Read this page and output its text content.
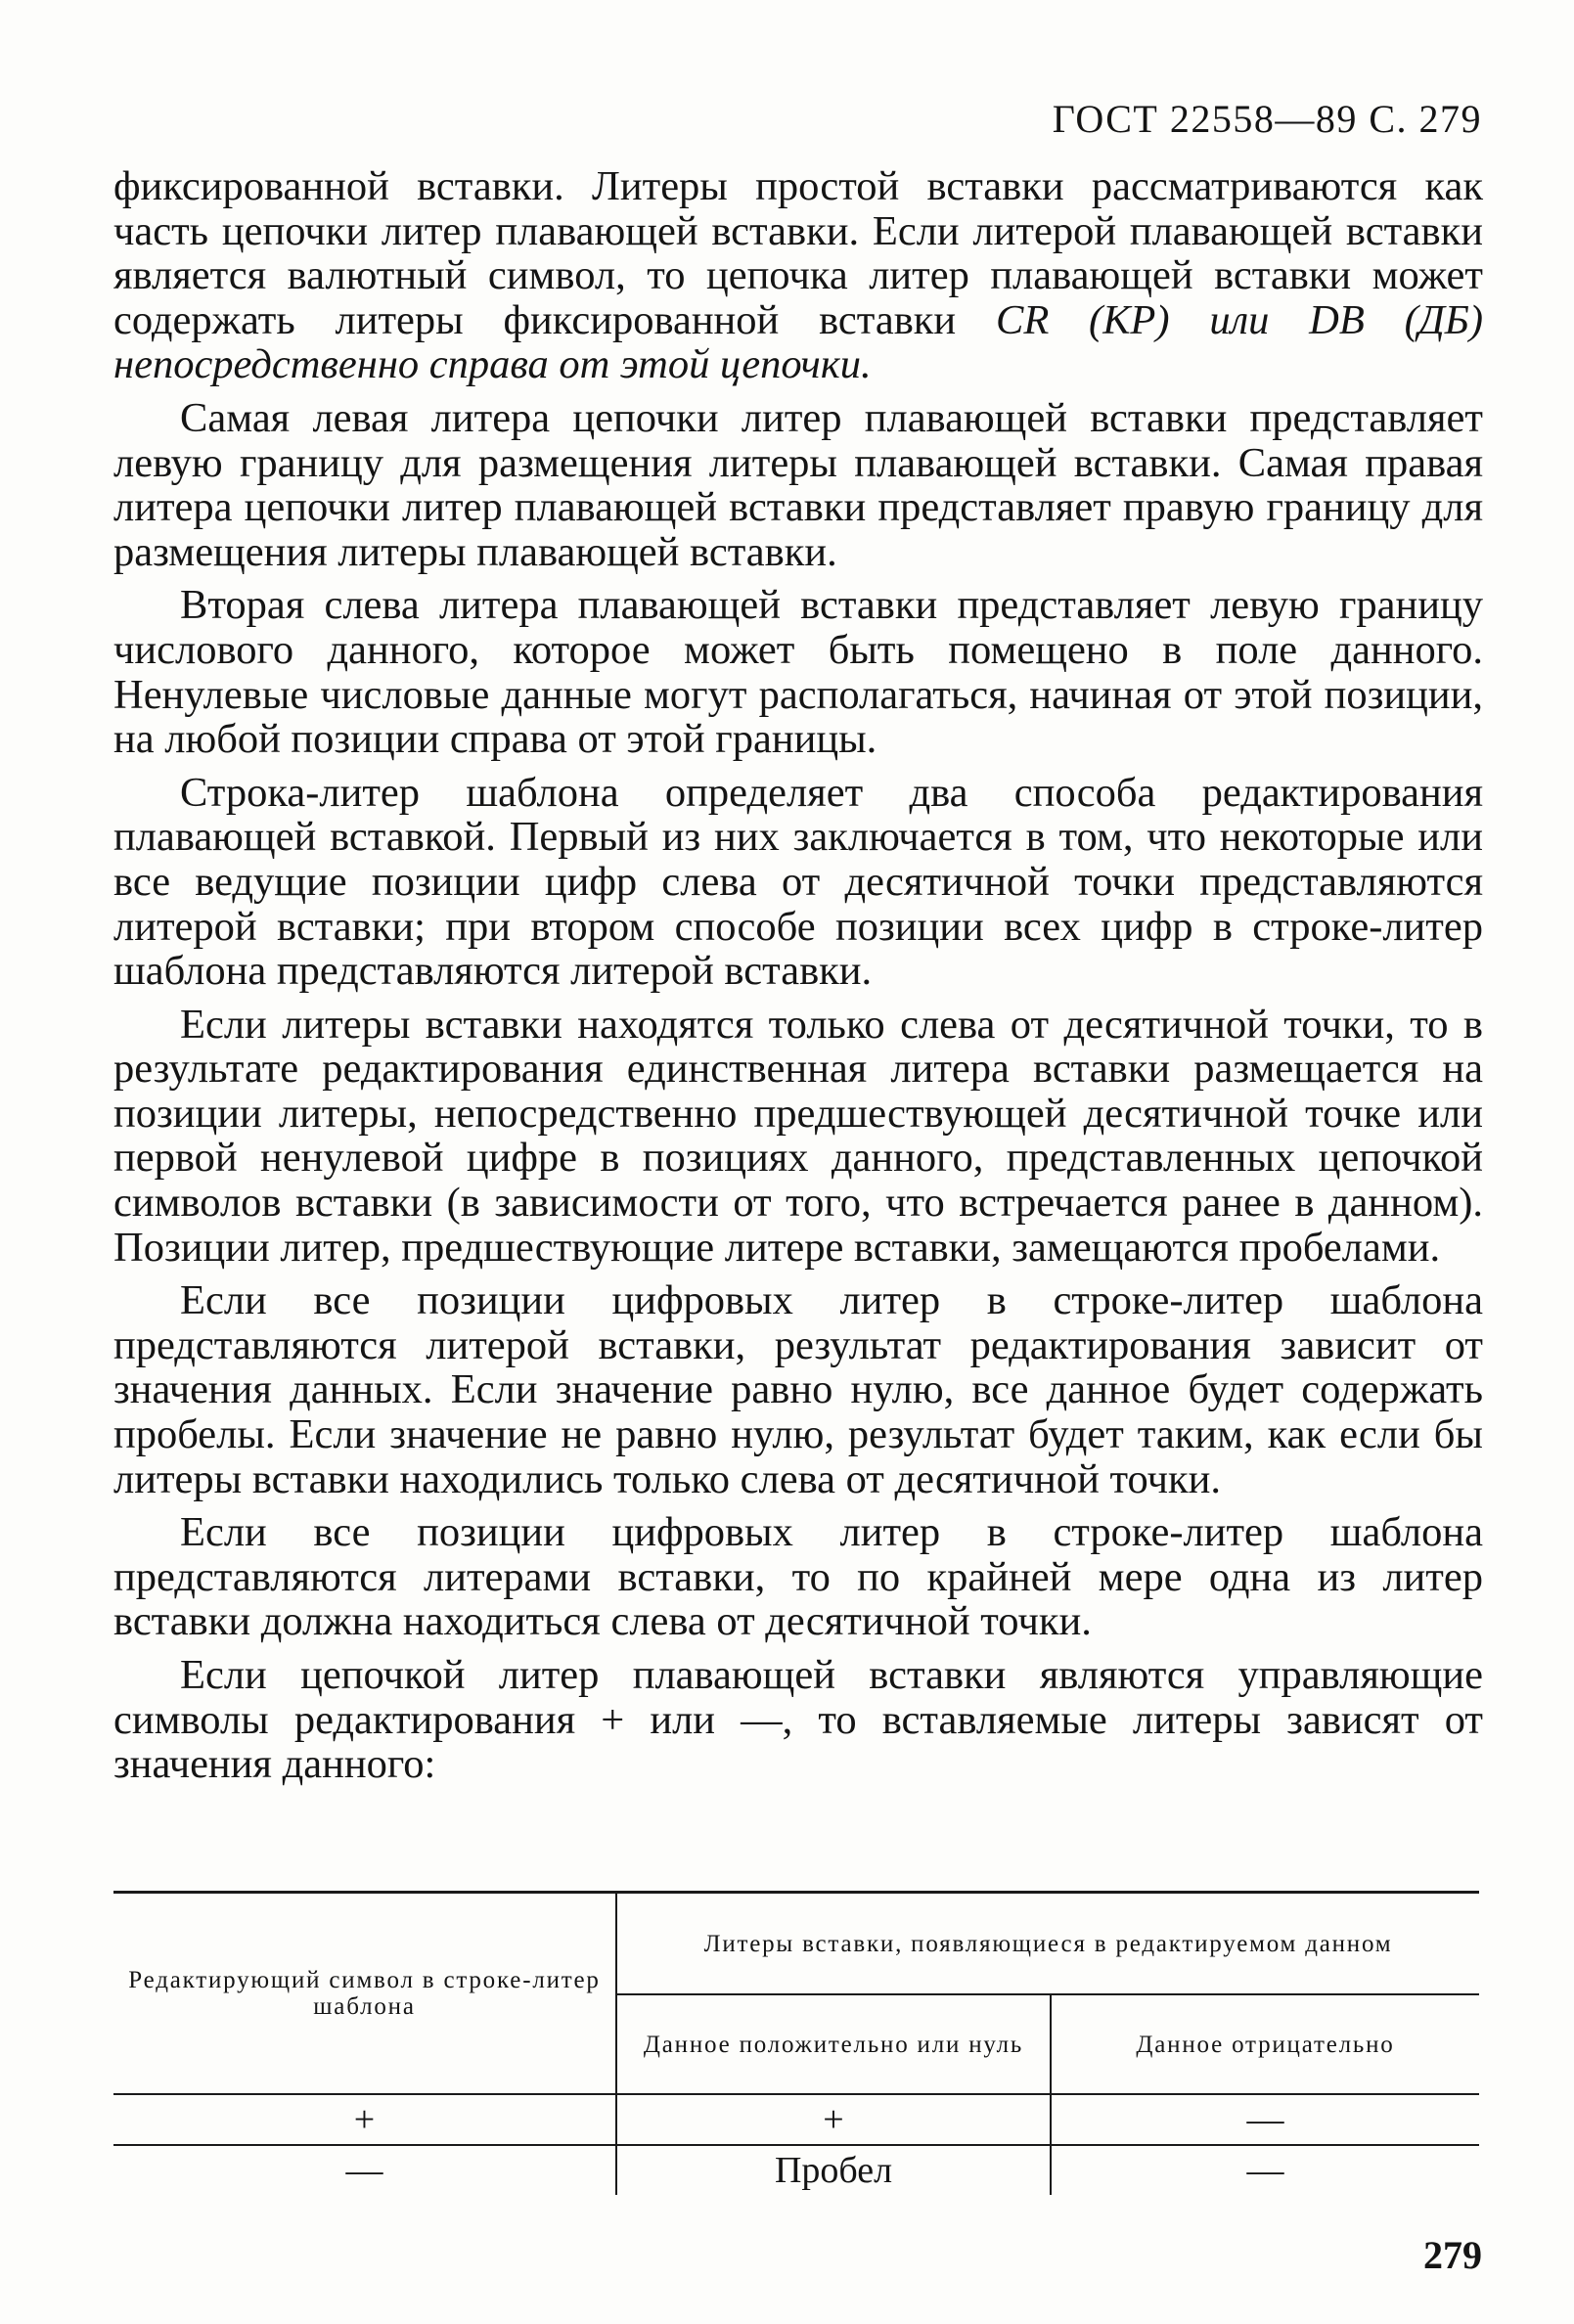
ГОСТ 22558—89 С. 279

фиксированной вставки. Литеры простой вставки рассматриваются как часть цепочки литер плавающей вставки. Если литерой плавающей вставки является валютный символ, то цепочка литер плавающей вставки может содержать литеры фиксированной вставки CR (КР) или DB (ДБ) непосредственно справа от этой цепочки.

Самая левая литера цепочки литер плавающей вставки представляет левую границу для размещения литеры плавающей вставки. Самая правая литера цепочки литер плавающей вставки представляет правую границу для размещения литеры плавающей вставки.

Вторая слева литера плавающей вставки представляет левую границу числового данного, которое может быть помещено в поле данного. Ненулевые числовые данные могут располагаться, начиная от этой позиции, на любой позиции справа от этой границы.

Строка-литер шаблона определяет два способа редактирования плавающей вставкой. Первый из них заключается в том, что некоторые или все ведущие позиции цифр слева от десятичной точки представляются литерой вставки; при втором способе позиции всех цифр в строке-литер шаблона представляются литерой вставки.

Если литеры вставки находятся только слева от десятичной точки, то в результате редактирования единственная литера вставки размещается на позиции литеры, непосредственно предшествующей десятичной точке или первой ненулевой цифре в позициях данного, представленных цепочкой символов вставки (в зависимости от того, что встречается ранее в данном). Позиции литер, предшествующие литере вставки, замещаются пробелами.

Если все позиции цифровых литер в строке-литер шаблона представляются литерой вставки, результат редактирования зависит от значения данных. Если значение равно нулю, все данное будет содержать пробелы. Если значение не равно нулю, результат будет таким, как если бы литеры вставки находились только слева от десятичной точки.

Если все позиции цифровых литер в строке-литер шаблона представляются литерами вставки, то по крайней мере одна из литер вставки должна находиться слева от десятичной точки.

Если цепочкой литер плавающей вставки являются управляющие символы редактирования + или —, то вставляемые литеры зависят от значения данного:

Редактирующий символ в строке-литер шаблона	Литеры вставки, появляющиеся в редактируемом данном	
	Данное положительно или нуль	Данное отрицательно
+	+	—
—	Пробел	—
279
